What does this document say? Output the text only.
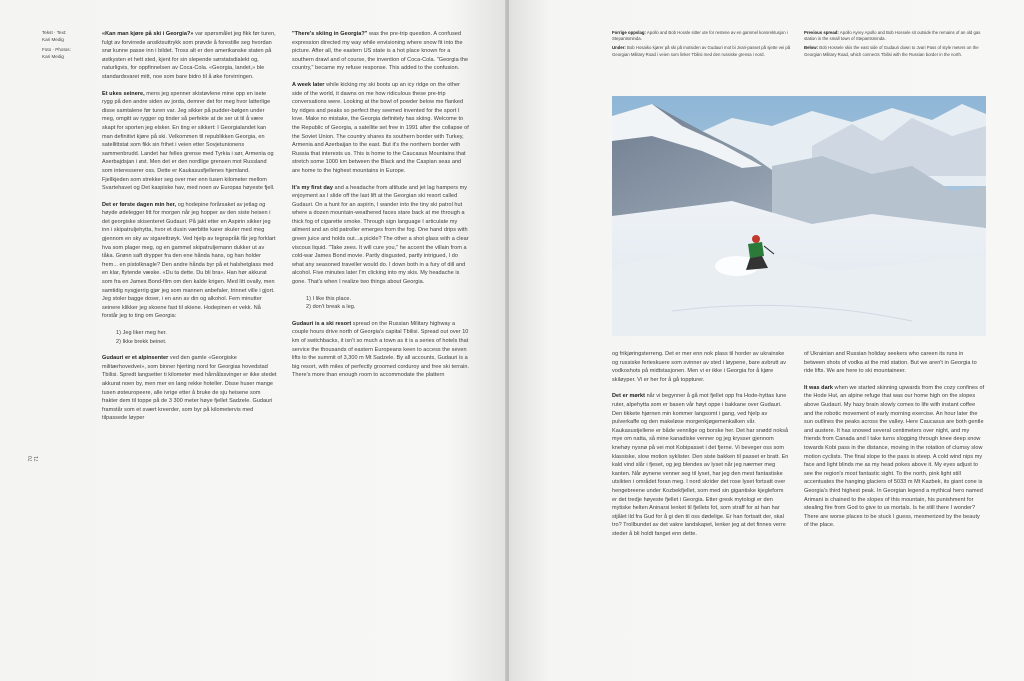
Tekst · Text:
Kari Medig
Foto · Photos:
Kari Medig
70 71

«Kan man kjøre på ski i Georgia?» var spørsmålet jeg fikk før turen, fulgt av forvirrede ansiktsuttrykk som prøvde å forestille seg hvordan snø kunne passe inn i bildet. Tross alt er den amerikanske staten på østkysten et hett sted, kjent for sin slepende sørstatsdialekt og, naturligvis, for oppfinnelsen av Coca-Cola. «Georgia, landet,» ble standardsvaret mitt, noe som bare bidro til å øke forvirringen.

Et ukes seinere, mens jeg spenner skistøvlene mine opp en isete rygg på den andre siden av jorda, demrer det for meg hvor latterlige disse samtalene før turen var. Jeg sikker på pudder-bølgen under meg, omgitt av rygger og tinder så perfekte at de ser ut til å være skapt for sporten jeg elsker. En ting er sikkert: I Georgialandet kan man definitivt kjøre på ski. Velkommen til republikken Georgia, en satellittstat som fikk sin frihet i veien etter Sovjetunionens sammenbrudd. Landet har felles grense med Tyrkia i sør, Armenia og Aserbajdsjan i øst. Men det er den nordlige grensen mot Russland som interesserer oss. Dette er Kaukasusfjellenes hjemland. Fjellkjeden som strekker seg over mer enn tusen kilometer mellom Svartehavet og Det kaspiske hav, med noen av Europas høyeste fjell.

Det er første dagen min her, og hodepine forårsaket av jetlag og høyde ødelegger litt for morgen når jeg hopper av den siste heisen i det georgiske skisenteret Gudauri. På jakt etter en Aspirin sikker jeg inn i skipatruljehytta, hvor et dusin værbitte karer skuler med meg gjennom en sky av sigarettrøyk. Ved hjelp av tegnspråk får jeg forklart hva som plager meg, og en gammel skipatruljemann dukker ut av tåka. Grønn saft drypper fra den ene hånda hans, og han holder frem... en pistolknagle? Den andre hånda byr på et halshetglass med en klar, flytende væske. «Du ta dette. Du bli bra». Han hør akkurat som fra en James Bond-film om den kalde krigen. Med litt ovally, men samtidig nysgjerrig gjør jeg som mannen anbefaler, trinnet ville i gjort. Jeg stoler bagge doser, i en ann av din og alkohol. Fem minutter seinere klikker jeg skoene fast til skiene. Hodepinen er vekk. Nå forstår jeg to ting om Georgia:

1) Jeg liker meg her.
2) Ikke brekk beinet.

Gudauri er et alpinsenter ved den gamle «Georgiske militærhovedvei», som binner hjerting nord for Georgias hovedstad Tbilisi. Spredt langsetter ti kilometer med hårnålssvinger er ikke stedet akkurat noen by, men mer en lang rekke hoteller. Disse huser mange tusen østeuropeere, alle ivrige etter å bruke de sju heisene som frakter dem til toppe på de 3 300 meter høye fjellet Sadzele. Gudauri framstår som et svært kreerder, som byr på kilometervis med tilpassede løyper

"There's skiing in Georgia?" was the pre-trip question. A confused expression directed my way while envisioning where snow fit into the picture. After all, the eastern US state is a hot place known for a southern drawl and of course, the invention of Coca-Cola. "Georgia the country," became my refuse response. This added to the confusion.

A week later while kicking my ski boots up an icy ridge on the other side of the world, it dawns on me how ridiculous these pre-trip conversations were. Looking at the bowl of powder below me flanked by ridges and peaks so perfect they seemed invented for the sport I love. Make no mistake, the Georgia definitely has skiing. Welcome to the Republic of Georgia, a satellite set free in 1991 after the collapse of the Soviet Union. The country shares its southern border with Turkey, Armenia and Azerbaijan to the east. But it's the northern border with Russia that interests us. This is home to the Caucasus Mountains that stretch some 1000 km between the Black and the Caspian seas and are home to the highest mountains in Europe.

It's my first day and a headache from altitude and jet lag hampers my enjoyment as I slide off the last lift at the Georgian ski resort called Gudauri. On a hunt for an aspirin, I wander into the tiny ski patrol hut where a dozen mountain-weathered faces stare back at me through a thick fog of cigarette smoke. Through sign language I articulate my ailment and an old patroller emerges from the fog. One hand drips with green juice and holds out...a pickle? The other a shot glass with a clear viscous liquid. "Take zees. It will cure you," he accent the villain from a cold-war James Bond movie. Partly disgusted, partly intrigued, I do what any seasoned traveller would do. I down both in a fury of dill and alcohol. Five minutes later I'm clicking into my skis. My headache is gone. That's when I realize two things about Georgia.

1) I like this place.
2) don't break a leg.

Gudauri is a ski resort spread on the Russian Military highway a couple hours drive north of Georgia's capital Tbilisi. Spread out over 10 km of switchbacks, it isn't so much a town as it is a series of hotels that service the thousands of eastern Europeans keen to access the seven lifts to the summit of 3,300 m Mt Sadzele. By all accounts, Gudauri is a big resort, with miles of perfectly groomed corduroy and free ski terrain. There's more than enough room to accommodate the plattern

Forrige oppslag: Apollo and Bob Hossle sitter ute for restene av en gammel konsrektusjon i Stepantsminda.

Under: Bob Hosaiko kjører på ski på motsiden av Gudauri mot bi Jvari-passet på sjette vei på Georgian Military Road i veien som linker Tbilisi med den russiske grensa i nord.

Previous spread: Apollo Ayrey Apollo and Bob Hossele sit outside the remains of an old gas station in the small town of Stepantsminda.

Below: Bob Hossele skis the east side of Gudauri down to Jvari Pass of style meters on the Georgian Military Road, which connects Tbilisi with the Russian border in the north.

og frikjøringsterreng. Det er mer enn nok plass til horder av ukrainske og russiske ferieskuere som svinner av sted i løypene, bare avbrutt av vodkoshots på midtstasjonen. Men vi er ikke i Georgia for å kjøre skiløyper. Vi er her for å gå toppturer.

Det er mørkt når vi begynner å gå mot fjellet opp fra Hode-hyttas lune ruter, alpehytta som er basen vår høyt oppe i bakkane over Gudauri. Den tikkete hjørnen min kommer langsomt i gang, ved hjelp av pulverkaffe og den makeløse morgenkjøgemenkalken vår. Kaukasustjellene er både vennlige og borske her. Det har snødd nokså mye om natta, så mine kanadiske venner og jeg krysser gjennom knehøy nysnø på vei mot Kobipasset i det fjerne. Vi beveger oss som klassiske, slow motion syklister. Den siste bakken til passet er bratt. En kald vind slår i fjeset, og jeg blendes av lyset når jeg nærmer meg kanten. Når øynene venner seg til lyset, har jeg den mest fantastiske utsikten i området foran meg. I nord skrider det rose lyset fortsatt over hengebreene under Kozbekfjellet, som med sin gigantiske kjegleform er det tredje høyeste fjellet i Georgia. Etter gresk mytologi er den mytiske helten Aninarsi lenket til fjellets fot, som straff for at han har stjålet ild fra Gud for å gi den til oss dødelige. Er han fortsatt der, skal tro? Trollbundet av det vakre landskapet, lenker jeg at det finnes verre steder å bli holdt fanget enn dette.

of Ukrainian and Russian holiday seekers who careen its runs in between shots of vodka at the mid station. But we aren't in Georgia to ride lifts. We are here to ski mountaineer.

It was dark when we started skinning upwards from the cozy confines of the Hode Hut, an alpine refuge that was our home high on the slopes above Gudauri. My hazy brain slowly comes to life with instant coffee and the robotic movement of early morning exercise. An hour later the sun outlines the peaks across the valley. Here Caucasus are both gentle and austere. It has snowed several centimeters over night, and my friends from Canada and I take turns slogging through knee deep snow towards Kobi pass in the distance, moving in the rotation of clumsy slow motion cyclists. The final slope to the pass is steep. A cold wind nips my face and light blinds me as my head pokes above it. My eyes adjust to see the region's most fantastic sight. To the north, pink light still accentuates the hanging glaciers of 5033 m Mt Kazbek, its giant cone is Georgia's third highest peak. In Georgian legend a mythical hero named Arimani is chained to the slopes of this mountain, his punishment for stealing fire from God to give to us mortals. Is he still there I wonder? There are worse places to be stuck I guess, mesmerized by the beauty of the place.
